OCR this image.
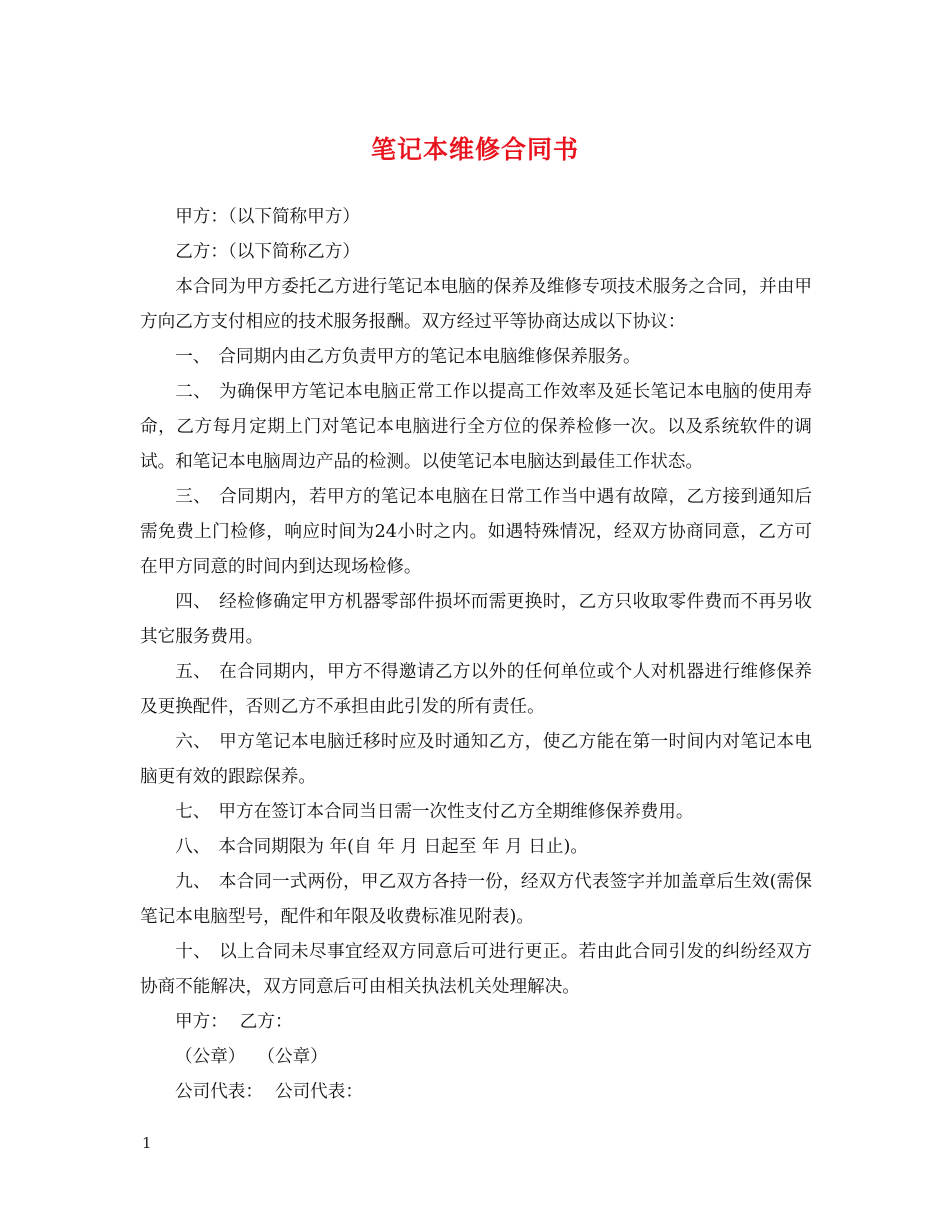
笔记本维修合同书

甲方：（以下简称甲方）

乙方：（以下简称乙方）

本合同为甲方委托乙方进行笔记本电脑的保养及维修专项技术服务之合同，并由甲方向乙方支付相应的技术服务报酬。双方经过平等协商达成以下协议：

一、 合同期内由乙方负责甲方的笔记本电脑维修保养服务。

二、 为确保甲方笔记本电脑正常工作以提高工作效率及延长笔记本电脑的使用寿命，乙方每月定期上门对笔记本电脑进行全方位的保养检修一次。以及系统软件的调试。和笔记本电脑周边产品的检测。以使笔记本电脑达到最佳工作状态。

三、 合同期内，若甲方的笔记本电脑在日常工作当中遇有故障，乙方接到通知后需免费上门检修，响应时间为24小时之内。如遇特殊情况，经双方协商同意，乙方可在甲方同意的时间内到达现场检修。

四、 经检修确定甲方机器零部件损坏而需更换时，乙方只收取零件费而不再另收其它服务费用。

五、 在合同期内，甲方不得邀请乙方以外的任何单位或个人对机器进行维修保养及更换配件，否则乙方不承担由此引发的所有责任。

六、 甲方笔记本电脑迁移时应及时通知乙方，使乙方能在第一时间内对笔记本电脑更有效的跟踪保养。

七、 甲方在签订本合同当日需一次性支付乙方全期维修保养费用。

八、 本合同期限为 年(自 年 月 日起至 年 月 日止)。

九、 本合同一式两份，甲乙双方各持一份，经双方代表签字并加盖章后生效(需保笔记本电脑型号，配件和年限及收费标准见附表)。

十、 以上合同未尽事宜经双方同意后可进行更正。若由此合同引发的纠纷经双方协商不能解决，双方同意后可由相关执法机关处理解决。

甲方： 乙方：

（公章） （公章）

公司代表： 公司代表：

1
